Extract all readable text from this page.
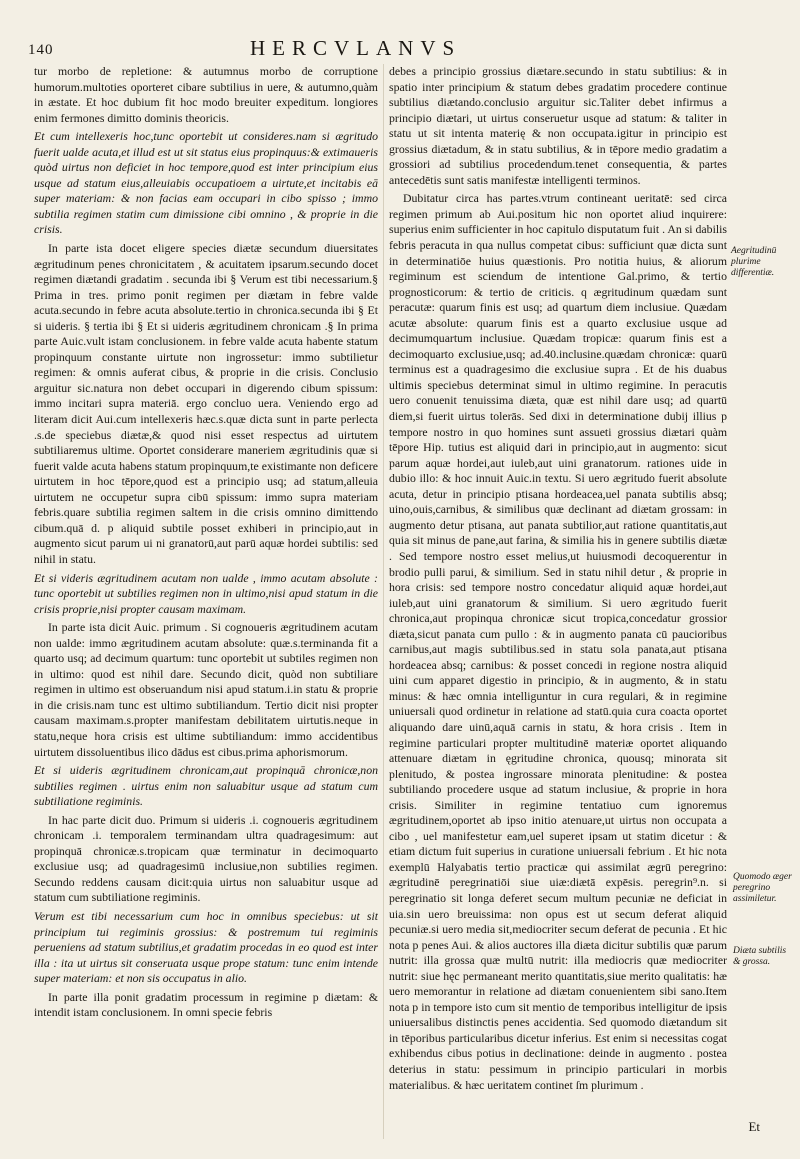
140	HERCVLANVS

tur morbo de repletione: & autumnus morbo de corruptione humorum.multoties oporteret cibare subtilius in uere, & autumno,quàm in æstate. Et hoc dubium fit hoc modo breuiter expeditum. longiores enim fermones dimitto dominis theoricis.

Et cum intellexeris hoc,tunc oportebit ut consideres.nam si ægritudo fuerit ualde acuta,et illud est ut sit status eius propinquus:& extimaueris quòd uirtus non deficiet in hoc tempore,quod est inter principium eius usque ad statum eius,alleuiabis occupatioem a uirtute,et incitabis eā super materiam: & non facias eam occupari in cibo spisso ; immo subtilia regimen statim cum dimissione cibi omnino , & proprie in die crisis.

In parte ista docet eligere species diætæ secundum diuersitates ægritudinum penes chronicitatem , & acuitatem ipsarum.secundo docet regimen diætandi gradatim . secunda ibi § Verum est tibi necessarium.§ Prima in tres. primo ponit regimen per diætam in febre valde acuta.secundo in febre acuta absolute.tertio in chronica.secunda ibi § Et si uideris. § tertia ibi § Et si uideris ægritudinem chronicam .§ In prima parte Auic.vult istam conclusionem. in febre valde acuta habente statum propinquum constante uirtute non ingrossetur: immo subtilietur regimen: & omnis auferat cibus, & proprie in die crisis. Conclusio arguitur sic.natura non debet occupari in digerendo cibum spissum: immo incitari supra materiā. ergo concluo uera. Veniendo ergo ad literam dicit Aui.cum intellexeris hæc.s.quæ dicta sunt in parte perlecta .s.de speciebus diætæ,& quod nisi esset respectus ad uirtutem subtiliaremus ultime. Oportet considerare maneriem ægritudinis quæ si fuerit valde acuta habens statum propinquum,te existimante non deficere uirtutem in hoc tēpore,quod est a principio usq; ad statum,alleuia uirtutem ne occupetur supra cibū spissum: immo supra materiam febris.quare subtilia regimen saltem in die crisis omnino dimittendo cibum.quā d. p aliquid subtile posset exhiberi in principio,aut in augmento sicut parum ui ni granatorū,aut parū aquæ hordei subtilis: sed nihil in statu.

Et si videris ægritudinem acutam non ualde , immo acutam absolute : tunc oportebit ut subtilies regimen non in ultimo,nisi apud statum in die crisis proprie,nisi propter causam maximam.

In parte ista dicit Auic. primum . Si cognoueris ægritudinem acutam non ualde: immo ægritudinem acutam absolute: quæ.s.terminanda fit a quarto usq; ad decimum quartum: tunc oportebit ut subtiles regimen non in ultimo: quod est nihil dare. Secundo dicit, quòd non subtiliare regimen in ultimo est obseruandum nisi apud statum.i.in statu & proprie in die crisis.nam tunc est ultimo subtiliandum. Tertio dicit nisi propter causam maximam.s.propter manifestam debilitatem uirtutis.neque in statu,neque hora crisis est ultime subtiliandum: immo accidentibus uirtutem dissoluentibus ilico dādus est cibus.prima aphorismorum.

Et si uideris ægritudinem chronicam,aut propinquā chronicæ,non subtilies regimen . uirtus enim non saluabitur usque ad statum cum subtiliatione regiminis.

In hac parte dicit duo. Primum si uideris .i. cognoueris ægritudinem chronicam .i. temporalem terminandam ultra quadragesimum: aut propinquā chronicæ.s.tropicam quæ terminatur in decimoquarto exclusiue usq; ad quadragesimū inclusiue,non subtilies regimen. Secundo reddens causam dicit:quia uirtus non saluabitur usque ad statum cum subtiliatione regiminis.

Verum est tibi necessarium cum hoc in omnibus speciebus: ut sit principium tui regiminis grossius: & postremum tui regiminis perueniens ad statum subtilius,et gradatim procedas in eo quod est inter illa : ita ut uirtus sit conseruata usque prope statum: tunc enim intende super materiam: et non sis occupatus in alio.

In parte illa ponit gradatim processum in regimine p diætam: & intendit istam conclusionem. In omni specie febris

debes a principio grossius diætare.secundo in statu subtilius: & in spatio inter principium & statum debes gradatim procedere continue subtilius diætando.conclusio arguitur sic.Taliter debet infirmus a principio diætari, ut uirtus conseruetur usque ad statum: & taliter in statu ut sit intenta materię & non occupata.igitur in principio est grossius diætadum, & in statu subtilius, & in tēpore medio gradatim a grossiori ad subtilius procedendum.tenet consequentia, & partes antecedētis sunt satis manifestæ intelligenti terminos.

Dubitatur circa has partes.vtrum contineant ueritatē: sed circa regimen primum ab Aui.positum hic non oportet aliud inquirere: superius enim sufficienter in hoc capitulo disputatum fuit . An si dabilis febris peracuta in qua nullus competat cibus: sufficiunt quæ dicta sunt in determinatiōe huius quæstionis. Pro notitia huius, & aliorum regiminum est sciendum de intentione Gal.primo, & tertio prognosticorum: & tertio de criticis. q ægritudinum quædam sunt peracutæ: quarum finis est usq; ad quartum diem inclusiue. Quædam acutæ absolute: quarum finis est a quarto exclusiue usque ad decimumquartum inclusiue. Quædam tropicæ: quarum finis est a decimoquarto exclusiue,usq; ad.40.inclusine.quædam chronicæ: quarū terminus est a quadragesimo die exclusiue supra . Et de his duabus ultimis speciebus determinat simul in ultimo regimine. In peracutis uero conuenit tenuissima diæta, quæ est nihil dare usq; ad quartū diem,si fuerit uirtus tolerās. Sed dixi in determinatione dubij illius p tempore nostro in quo homines sunt assueti grossius diætari quàm tēpore Hip. tutius est aliquid dari in principio,aut in augmento: sicut parum aquæ hordei,aut iuleb,aut uini granatorum. rationes uide in dubio illo: & hoc innuit Auic.in textu. Si uero ægritudo fuerit absolute acuta, detur in principio ptisana hordeacea,uel panata subtilis absq; uino,ouis,carnibus, & similibus quæ declinant ad diætam grossam: in augmento detur ptisana, aut panata subtilior,aut ratione quantitatis,aut quia sit minus de pane,aut farina, & similia his in genere subtilis diætæ . Sed tempore nostro esset melius,ut huiusmodi decoquerentur in brodio pulli parui, & similium. Sed in statu nihil detur , & proprie in hora crisis: sed tempore nostro concedatur aliquid aquæ hordei,aut iuleb,aut uini granatorum & similium. Si uero ægritudo fuerit chronica,aut propinqua chronicæ sicut tropica,concedatur grossior diæta,sicut panata cum pullo : & in augmento panata cū paucioribus carnibus,aut magis subtilibus.sed in statu sola panata,aut ptisana hordeacea absq; carnibus: & posset concedi in regione nostra aliquid uini cum apparet digestio in principio, & in augmento, & in statu minus: & hæc omnia intelliguntur in cura regulari, & in regimine uniuersali quod ordinetur in relatione ad statū.quia cura coacta oportet aliquando dare uinū,aquā carnis in statu, & hora crisis . Item in regimine particulari propter multitudinē materiæ oportet aliquando attenuare diætam in ęgritudine chronica, quousq; minorata sit plenitudo, & postea ingrossare minorata plenitudine: & postea subtiliando procedere usque ad statum inclusiue, & proprie in hora crisis. Similiter in regimine tentatiuo cum ignoremus ægritudinem,oportet ab ipso initio atenuare,ut uirtus non occupata a cibo , uel manifestetur eam,uel superet ipsam ut statim dicetur : & etiam dictum fuit superius in curatione uniuersali febrium . Et hic nota exemplū Halyabatis tertio practicæ qui assimilat ægrū peregrino: ægritudinē peregrinatiōi siue uiæ:diætā expēsis. peregrin⁹.n. si peregrinatio sit longa deferet secum multum pecuniæ ne deficiat in uia.sin uero breuissima: non opus est ut secum deferat aliquid pecuniæ.si uero media sit,mediocriter secum deferat de pecunia . Et hic nota p penes Aui. & alios auctores illa diæta dicitur subtilis quæ parum nutrit: illa grossa quæ multū nutrit: illa mediocris quæ mediocriter nutrit: siue hęc permaneant merito quantitatis,siue merito qualitatis: hæ uero memorantur in relatione ad diætam conuenientem sibi sano.Item nota p in tempore isto cum sit mentio de temporibus intelligitur de ipsis uniuersalibus distinctis penes accidentia. Sed quomodo diætandum sit in tēporibus particularibus dicetur inferius. Est enim si necessitas cogat exhibendus cibus potius in declinatione: deinde in augmento . postea deterius in statu: pessimum in principio particulari in morbis materialibus. & hæc ueritatem continet ſm plurimum .

Aegritudinū plurime differentiæ.
Quomodo æger peregrino assimiletur.
Diæta subtilis & grossa.
Et
